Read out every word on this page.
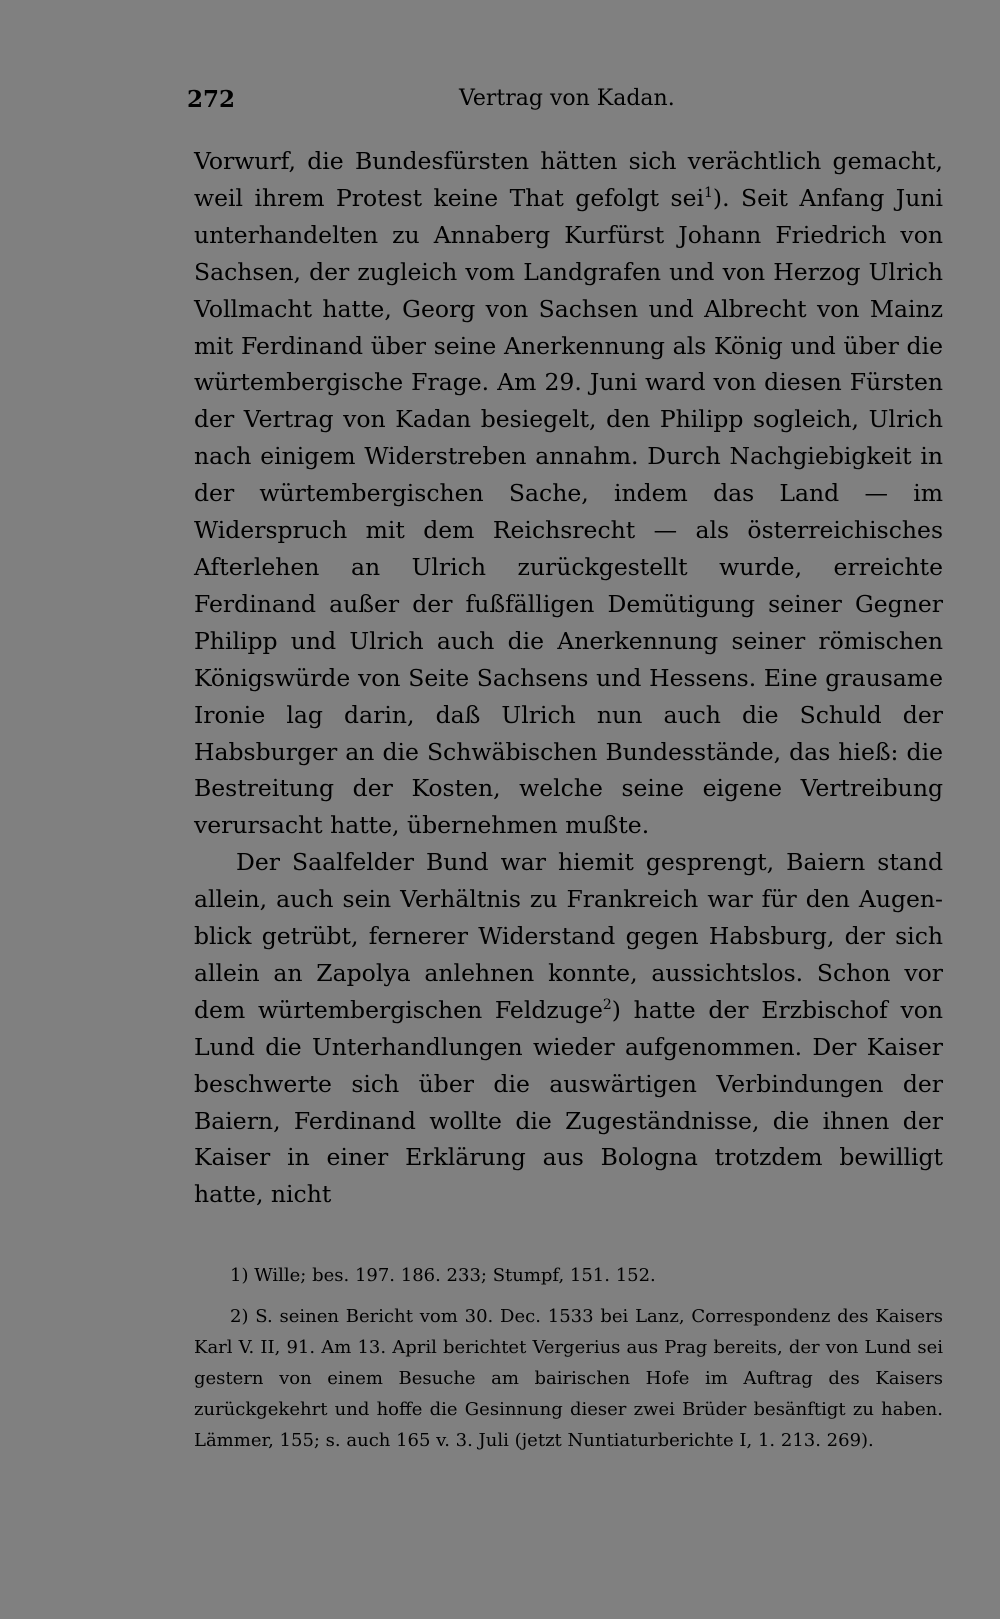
272	Vertrag von Kadan.

Vorwurf, die Bundesfürsten hätten sich verächtlich gemacht, weil ihrem Protest keine That gefolgt sei$^1$). Seit Anfang Juni unterhandelten zu Annaberg Kurfürst Johann Friedrich von Sachsen, der zugleich vom Landgrafen und von Herzog Ulrich Vollmacht hatte, Georg von Sachsen und Albrecht von Mainz mit Ferdinand über seine Anerkennung als König und über die würtembergische Frage. Am 29. Juni ward von diesen Fürsten der Vertrag von Kadan besiegelt, den Philipp sogleich, Ulrich nach einigem Widerstreben annahm. Durch Nachgiebigkeit in der würtembergischen Sache, indem das Land — im Widerspruch mit dem Reichsrecht — als österreichisches Afterlehen an Ulrich zurückgestellt wurde, erreichte Ferdinand außer der fußfälligen Demütigung seiner Gegner Philipp und Ulrich auch die Anerkennung seiner römischen Königswürde von Seite Sachsens und Hessens. Eine grausame Ironie lag darin, daß Ulrich nun auch die Schuld der Habsburger an die Schwäbischen Bundesstände, das hieß: die Bestreitung der Kosten, welche seine eigene Vertreibung verursacht hatte, übernehmen mußte.

Der Saalfelder Bund war hiemit gesprengt, Baiern stand allein, auch sein Verhältnis zu Frankreich war für den Augenblick getrübt, fernerer Widerstand gegen Habsburg, der sich allein an Zapolya anlehnen konnte, aussichtslos. Schon vor dem würtembergischen Feldzuge$^2$) hatte der Erzbischof von Lund die Unterhandlungen wieder aufgenommen. Der Kaiser beschwerte sich über die auswärtigen Verbindungen der Baiern, Ferdinand wollte die Zugeständnisse, die ihnen der Kaiser in einer Erklärung aus Bologna trotzdem bewilligt hatte, nicht

1) Wille; bes. 197. 186. 233; Stumpf, 151. 152.

2) S. seinen Bericht vom 30. Dec. 1533 bei Lanz, Correspondenz des Kaisers Karl V. II, 91. Am 13. April berichtet Vergerius aus Prag bereits, der von Lund sei gestern von einem Besuche am bairischen Hofe im Auftrag des Kaisers zurückgekehrt und hoffe die Gesinnung dieser zwei Brüder besänftigt zu haben. Lämmer, 155; s. auch 165 v. 3. Juli (jetzt Nuntiaturberichte I, 1. 213. 269).
